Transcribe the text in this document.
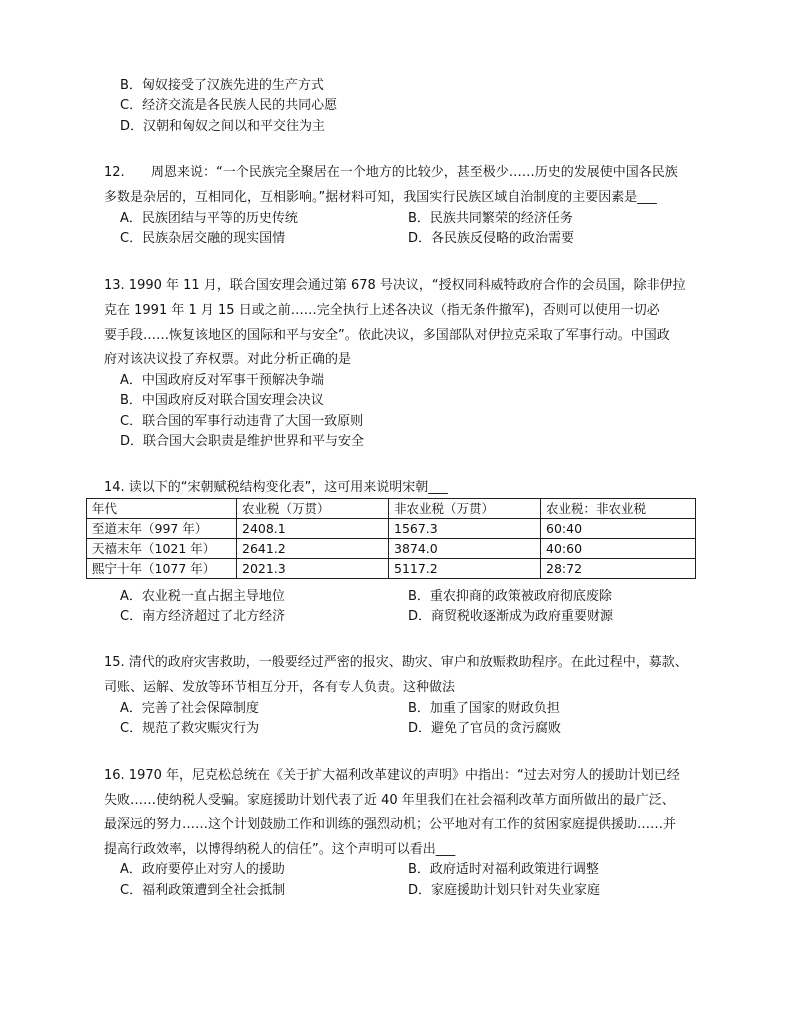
B．匈奴接受了汉族先进的生产方式
C．经济交流是各民族人民的共同心愿
D．汉朝和匈奴之间以和平交往为主
12. 周恩来说：“一个民族完全聚居在一个地方的比较少，甚至极少……历史的发展使中国各民族
多数是杂居的，互相同化，互相影响。”据材料可知，我国实行民族区域自治制度的主要因素是___
A．民族团结与平等的历史传统	B．民族共同繁荣的经济任务
C．民族杂居交融的现实国情	D．各民族反侵略的政治需要
13. 1990 年 11 月，联合国安理会通过第 678 号决议，“授权同科威特政府合作的会员国，除非伊拉
克在 1991 年 1 月 15 日或之前……完全执行上述各决议（指无条件撤军)，否则可以使用一切必
要手段……恢复该地区的国际和平与安全”。依此决议，多国部队对伊拉克采取了军事行动。中国政
府对该决议投了弃权票。对此分析正确的是
A．中国政府反对军事干预解决争端
B．中国政府反对联合国安理会决议
C．联合国的军事行动违背了大国一致原则
D．联合国大会职责是维护世界和平与安全
14. 读以下的“宋朝赋税结构变化表”，这可用来说明宋朝___
年代	农业税（万贯）	非农业税（万贯）	农业税：非农业税
至道末年（997 年）	2408.1	1567.3	60:40
天禧末年（1021 年）	2641.2	3874.0	40:60
熙宁十年（1077 年）	2021.3	5117.2	28:72
A．农业税一直占据主导地位	B．重农抑商的政策被政府彻底废除
C．南方经济超过了北方经济	D．商贸税收逐渐成为政府重要财源
15. 清代的政府灾害救助，一般要经过严密的报灾、勘灾、审户和放赈救助程序。在此过程中，募款、
司账、运解、发放等环节相互分开，各有专人负责。这种做法
A．完善了社会保障制度	B．加重了国家的财政负担
C．规范了救灾赈灾行为	D．避免了官员的贪污腐败
16. 1970 年，尼克松总统在《关于扩大福利改革建议的声明》中指出：“过去对穷人的援助计划已经
失败……使纳税人受骗。家庭援助计划代表了近 40 年里我们在社会福利改革方面所做出的最广泛、
最深远的努力……这个计划鼓励工作和训练的强烈动机；公平地对有工作的贫困家庭提供援助……并
提高行政效率，以博得纳税人的信任”。这个声明可以看出___
A．政府要停止对穷人的援助	B．政府适时对福利政策进行调整
C．福利政策遭到全社会抵制	D．家庭援助计划只针对失业家庭
